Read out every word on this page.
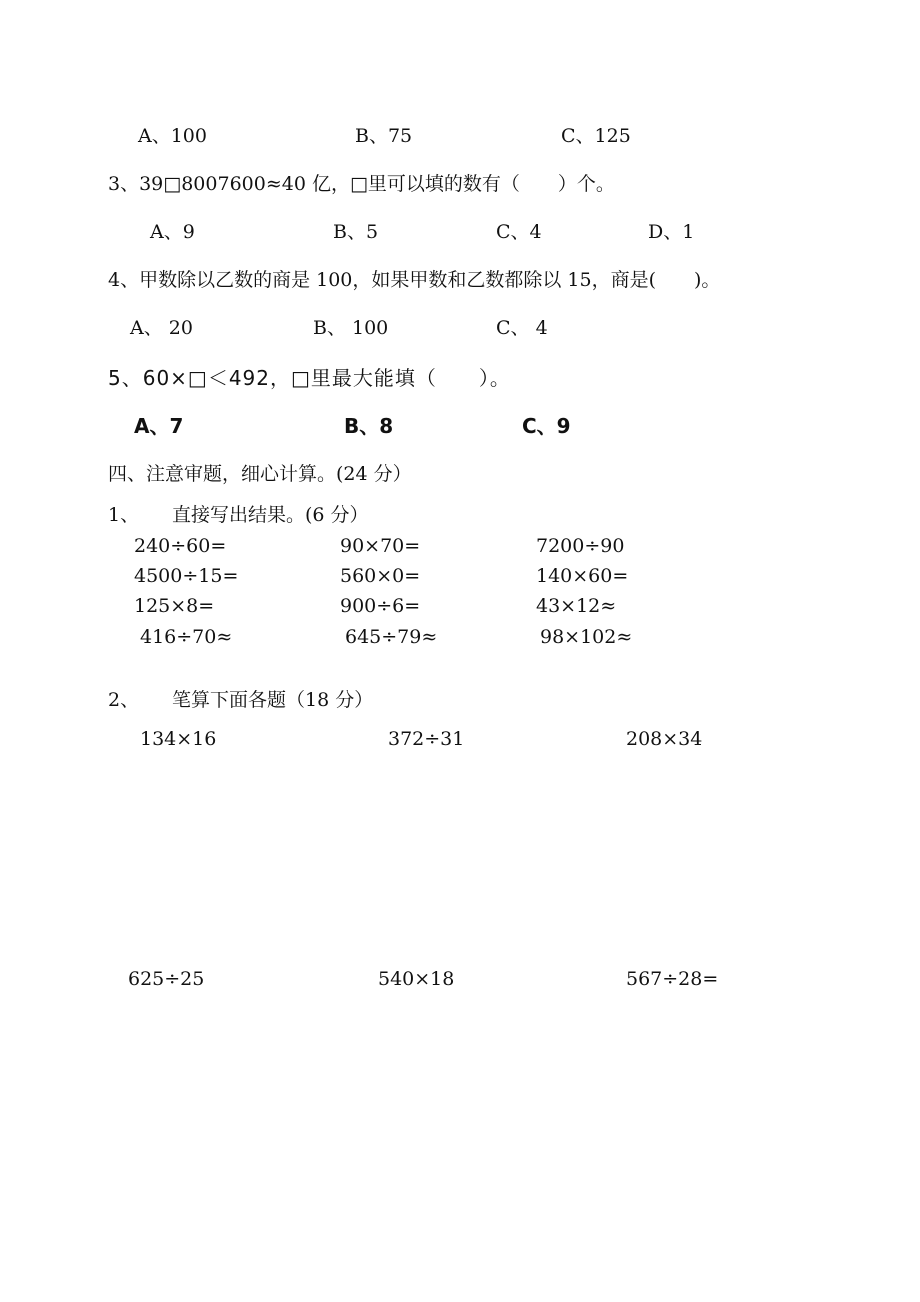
A、100	B、75	C、125
3、39□8007600≈40 亿，□里可以填的数有（　　）个。
A、9	B、5	C、4	D、1
4、甲数除以乙数的商是 100，如果甲数和乙数都除以 15，商是(　　)。
A、 20	B、 100	C、 4
5、60×□＜492，□里最大能填（　　）。
A、7	B、8	C、9
四、注意审题，细心计算。(24 分）
1、 直接写出结果。(6 分）
240÷60=	90×70=	7200÷90
4500÷15=	560×0=	140×60=
125×8=	900÷6=	43×12≈
416÷70≈	645÷79≈	98×102≈
2、 笔算下面各题（18 分）
134×16	372÷31	208×34
625÷25	540×18	567÷28=
